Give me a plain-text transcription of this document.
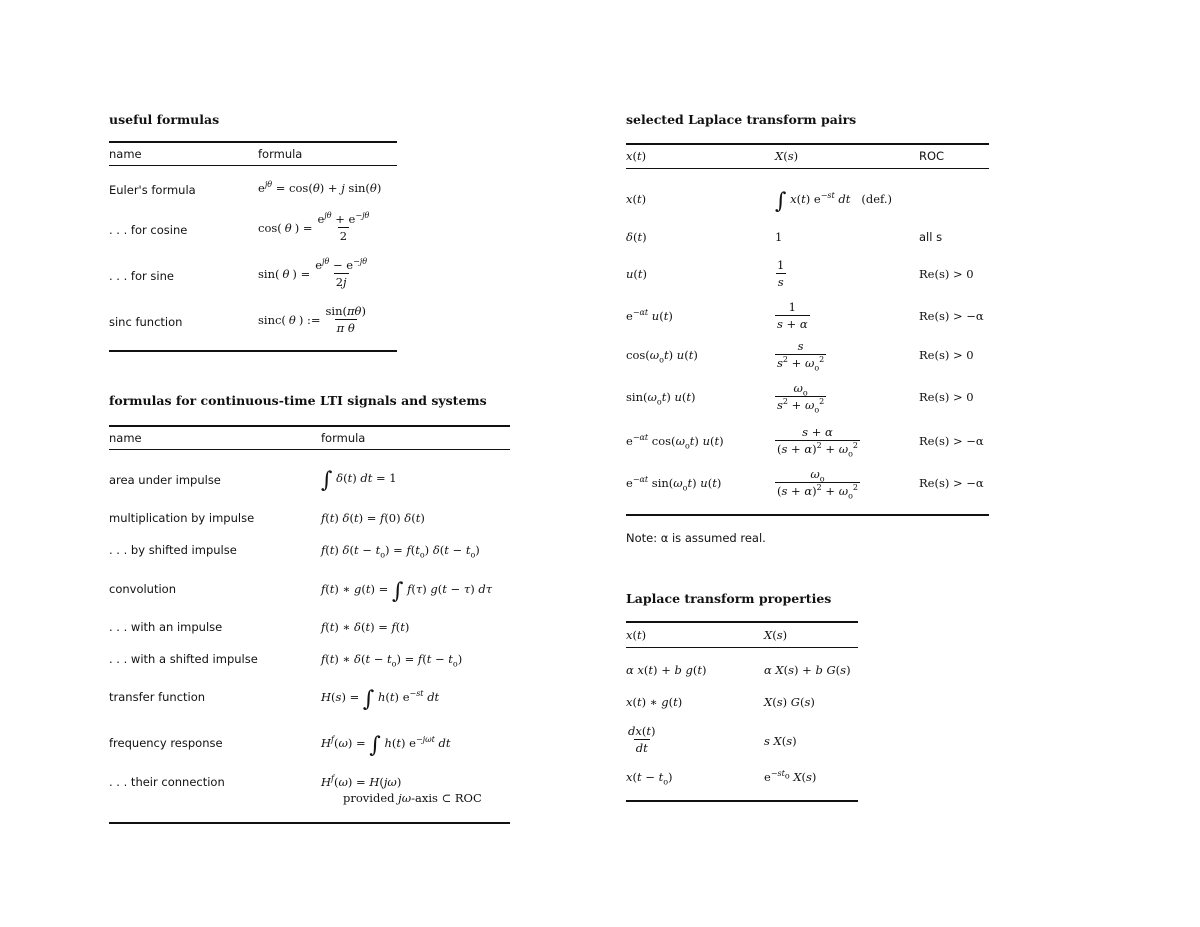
useful formulas
name	formula
Euler's formula	$e^{j\theta} = \cos(\theta) + j$ sin(θ)
. . . for cosine	cos( θ ) = $\frac{e^{j\theta} + e^{-j\theta}}{2}$
. . . for sine	sin( θ ) = $\frac{e^{j\theta} - e^{-j\theta}}{2j}$
sinc function	sinc( θ ) := $\frac{\sin(\pi\theta)}{\text{π θ}}$
formulas for continuous-time LTI signals and systems
name	formula
area under impulse	∫ δ(t) dt = 1
multiplication by impulse	f(t) δ(t) = f(0) δ(t)
. . . by shifted impulse	f(t) $\delta(t - t_o) = f(t_o)$ $\delta(t - t_o)$
convolution	f(t) ∗ g(t) = ∫ f(τ) g(t − τ) dτ
. . . with an impulse	f(t) ∗ δ(t) = f(t)
. . . with a shifted impulse	f(t) ∗ $\delta(t - t_o) = f(t - t_o)$
transfer function	H(s) = ∫ h(t) $e^{-st}$ dt
frequency response	$H^f(\omega)$ = ∫ h(t) $e^{-j\omega t}$ dt
. . . their connection	$H^f(\omega) = H(j\omega)$
provided jω-axis ⊂ ROC
selected Laplace transform pairs
x(t)	X(s)	ROC
x(t)	∫ x(t) $e^{-st}$ dt (def.)
δ(t)	1	all s
u(t)	$\frac{1}{s}$	Re(s) > 0
$e^{-\alpha t}$ u(t)	$\frac{1}{s + \alpha}$	Re(s) > −α
$\cos(\omega_ot)$ u(t)	$\frac{s}{s^2 + \omega_o^2}$	Re(s) > 0
$\sin(\omega_ot)$ u(t)	$\frac{\omega_o}{s^2 + \omega_o^2}$	Re(s) > 0
$e^{-\alpha t}$ $\cos(\omega_ot)$ u(t)	$\frac{s + \alpha}{(s + \alpha)^2 + \omega_o^2}$	Re(s) > −α
$e^{-\alpha t}$ $\sin(\omega_ot)$ u(t)	$\frac{\omega_o}{(s + \alpha)^2 + \omega_o^2}$	Re(s) > −α
Note: α is assumed real.
Laplace transform properties
x(t)	X(s)
α x(t) + b g(t)	α X(s) + b G(s)
x(t) ∗ g(t)	X(s) G(s)
$\frac{dx(t)}{dt}$	s X(s)
$x(t - t_o)$	$e^{-st_o}$ X(s)
